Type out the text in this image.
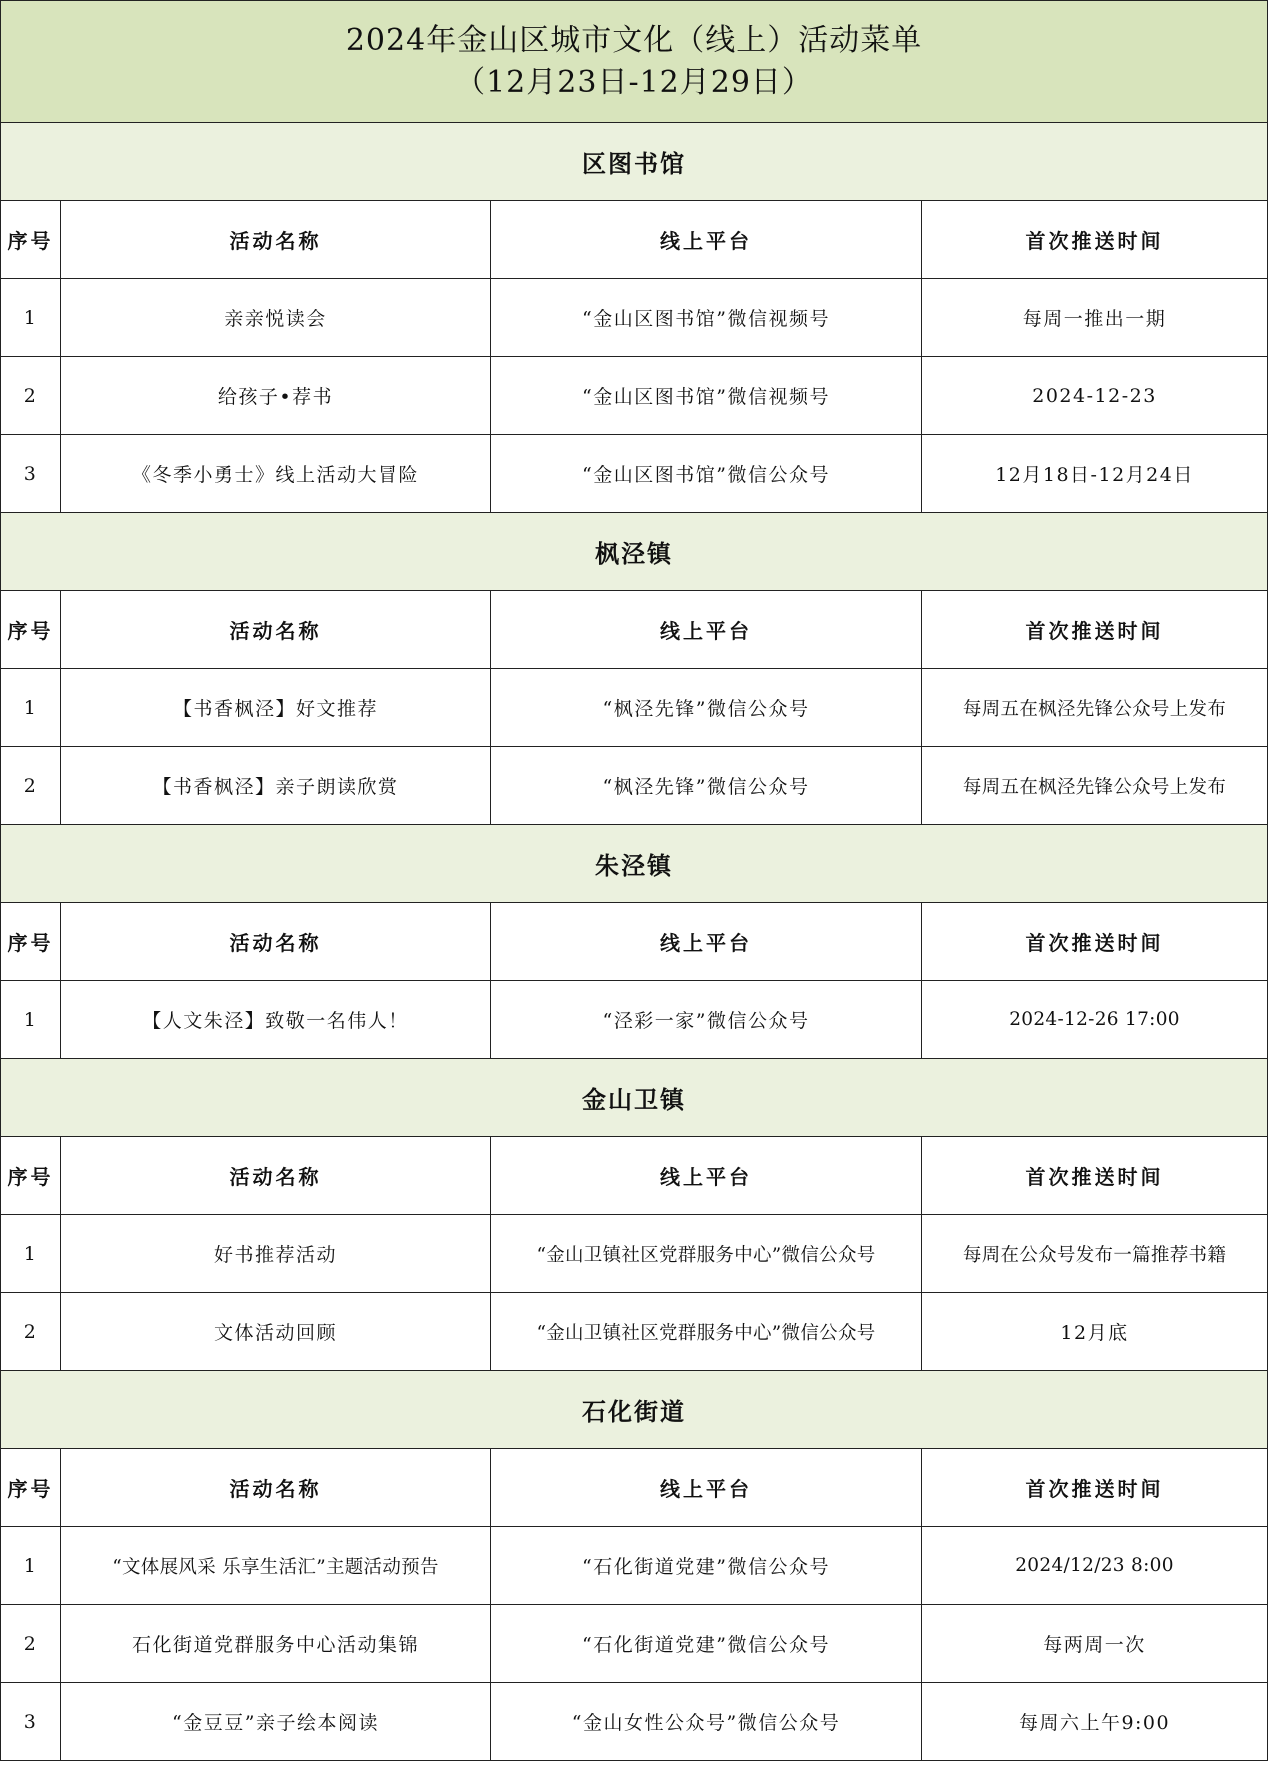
2024年金山区城市文化（线上）活动菜单
（12月23日-12月29日）			

区图书馆			
序号	活动名称	线上平台	首次推送时间
1	亲亲悦读会	“金山区图书馆”微信视频号	每周一推出一期
2	给孩子•荐书	“金山区图书馆”微信视频号	2024-12-23
3	《冬季小勇士》线上活动大冒险	“金山区图书馆”微信公众号	12月18日-12月24日
枫泾镇			
序号	活动名称	线上平台	首次推送时间
1	【书香枫泾】好文推荐	“枫泾先锋”微信公众号	每周五在枫泾先锋公众号上发布
2	【书香枫泾】亲子朗读欣赏	“枫泾先锋”微信公众号	每周五在枫泾先锋公众号上发布
朱泾镇			
序号	活动名称	线上平台	首次推送时间
1	【人文朱泾】致敬一名伟人！	“泾彩一家”微信公众号	2024-12-26 17:00
金山卫镇			
序号	活动名称	线上平台	首次推送时间
1	好书推荐活动	“金山卫镇社区党群服务中心”微信公众号	每周在公众号发布一篇推荐书籍
2	文体活动回顾	“金山卫镇社区党群服务中心”微信公众号	12月底
石化街道			
序号	活动名称	线上平台	首次推送时间
1	“文体展风采 乐享生活汇”主题活动预告	“石化街道党建”微信公众号	2024/12/23 8:00
2	石化街道党群服务中心活动集锦	“石化街道党建”微信公众号	每两周一次
3	“金豆豆”亲子绘本阅读	“金山女性公众号”微信公众号	每周六上午9:00
